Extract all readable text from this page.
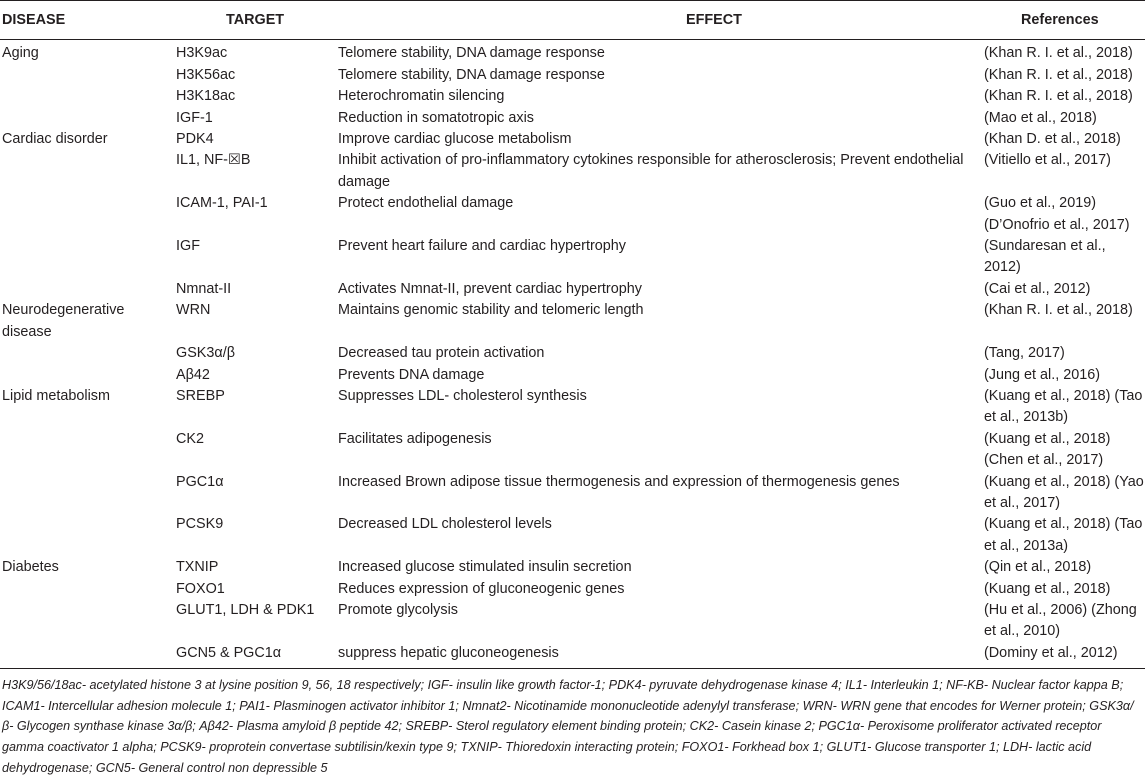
DISEASE	TARGET	EFFECT	References
Aging	H3K9ac	Telomere stability, DNA damage response	(Khan R. I. et al., 2018)
	H3K56ac	Telomere stability, DNA damage response	(Khan R. I. et al., 2018)
	H3K18ac	Heterochromatin silencing	(Khan R. I. et al., 2018)
	IGF-1	Reduction in somatotropic axis	(Mao et al., 2018)
Cardiac disorder	PDK4	Improve cardiac glucose metabolism	(Khan D. et al., 2018)
	IL1, NF-☒B	Inhibit activation of pro-inflammatory cytokines responsible for atherosclerosis; Prevent endothelial damage	(Vitiello et al., 2017)
	ICAM-1, PAI-1	Protect endothelial damage	(Guo et al., 2019) (D’Onofrio et al., 2017)
	IGF	Prevent heart failure and cardiac hypertrophy	(Sundaresan et al., 2012)
	Nmnat-II	Activates Nmnat-II, prevent cardiac hypertrophy	(Cai et al., 2012)
Neurodegenerative disease	WRN	Maintains genomic stability and telomeric length	(Khan R. I. et al., 2018)
	GSK3α/β	Decreased tau protein activation	(Tang, 2017)
	Aβ42	Prevents DNA damage	(Jung et al., 2016)
Lipid metabolism	SREBP	Suppresses LDL- cholesterol synthesis	(Kuang et al., 2018) (Tao et al., 2013b)
	CK2	Facilitates adipogenesis	(Kuang et al., 2018) (Chen et al., 2017)
	PGC1α	Increased Brown adipose tissue thermogenesis and expression of thermogenesis genes	(Kuang et al., 2018) (Yao et al., 2017)
	PCSK9	Decreased LDL cholesterol levels	(Kuang et al., 2018) (Tao et al., 2013a)
Diabetes	TXNIP	Increased glucose stimulated insulin secretion	(Qin et al., 2018)
	FOXO1	Reduces expression of gluconeogenic genes	(Kuang et al., 2018)
	GLUT1, LDH & PDK1	Promote glycolysis	(Hu et al., 2006) (Zhong et al., 2010)
	GCN5 & PGC1α	suppress hepatic gluconeogenesis	(Dominy et al., 2012)

H3K9/56/18ac- acetylated histone 3 at lysine position 9, 56, 18 respectively; IGF- insulin like growth factor-1; PDK4- pyruvate dehydrogenase kinase 4; IL1- Interleukin 1; NF-KB- Nuclear factor kappa B; ICAM1- Intercellular adhesion molecule 1; PAI1- Plasminogen activator inhibitor 1; Nmnat2- Nicotinamide mononucleotide adenylyl transferase; WRN- WRN gene that encodes for Werner protein; GSK3α/β- Glycogen synthase kinase 3α/β; Aβ42- Plasma amyloid β peptide 42; SREBP- Sterol regulatory element binding protein; CK2- Casein kinase 2; PGC1α- Peroxisome proliferator activated receptor gamma coactivator 1 alpha; PCSK9- proprotein convertase subtilisin/kexin type 9; TXNIP- Thioredoxin interacting protein; FOXO1- Forkhead box 1; GLUT1- Glucose transporter 1; LDH- lactic acid dehydrogenase; GCN5- General control non depressible 5
